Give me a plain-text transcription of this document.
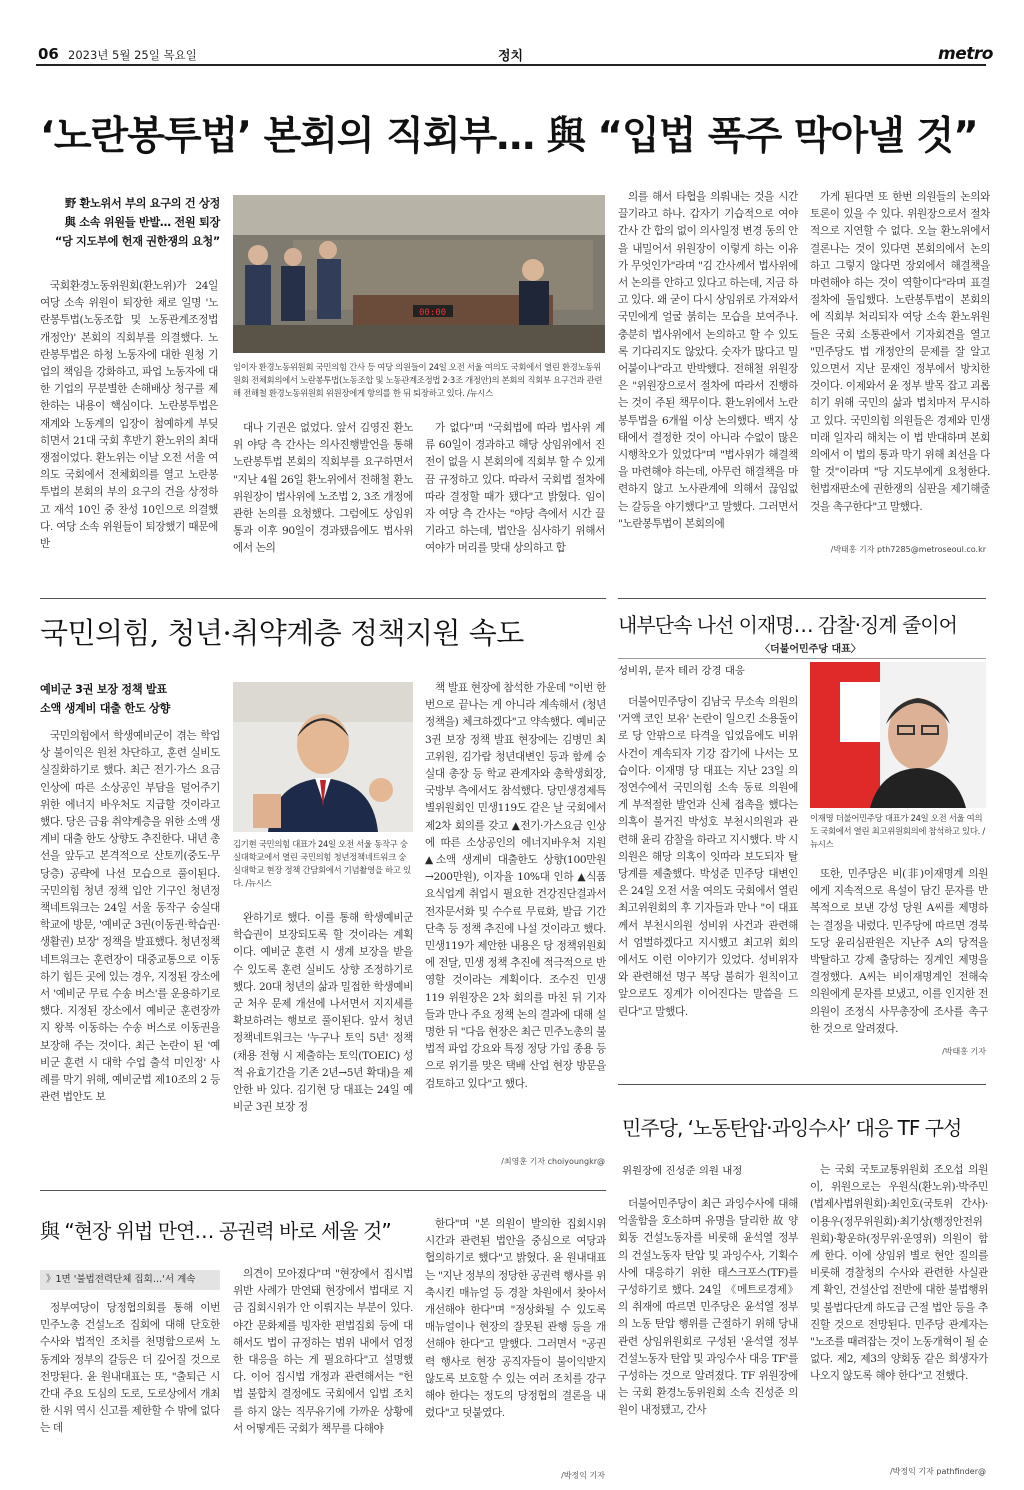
06 2023년 5월 25일 목요일	정치	metro
‘노란봉투법’ 본회의 직회부… 與 “입법 폭주 막아낼 것”
野 환노위서 부의 요구의 건 상정
與 소속 위원들 반발… 전원 퇴장
“당 지도부에 헌재 권한쟁의 요청”

국회환경노동위원회(환노위)가 24일 여당 소속 위원이 퇴장한 채로 일명 '노란봉투법(노동조합 및 노동관계조정법 개정안)' 본회의 직회부를 의결했다. 노란봉투법은 하청 노동자에 대한 원청 기업의 책임을 강화하고, 파업 노동자에 대한 기업의 무분별한 손해배상 청구를 제한하는 내용이 핵심이다. 노란봉투법은 재계와 노동계의 입장이 첨예하게 부딪히면서 21대 국회 후반기 환노위의 최대 쟁점이었다. 환노위는 이날 오전 서울 여의도 국회에서 전체회의를 열고 노란봉투법의 본회의 부의 요구의 건을 상정하고 재석 10인 중 찬성 10인으로 의결했다. 여당 소속 위원들이 퇴장했기 때문에 반

00:00
임이자 환경노동위원회 국민의힘 간사 등 여당 의원들이 24일 오전 서울 여의도 국회에서 열린 환경노동위원회 전체회의에서 노란봉투법(노동조합 및 노동관계조정법 2·3조 개정안)의 본회의 직회부 요구건과 관련해 전해철 환경노동위원회 위원장에게 항의를 한 뒤 퇴장하고 있다. /뉴시스

대나 기권은 없었다. 앞서 김영진 환노위 야당 측 간사는 의사진행발언을 통해 노란봉투법 본회의 직회부를 요구하면서 "지난 4월 26일 환노위에서 전해철 환노위원장이 법사위에 노조법 2, 3조 개정에 관한 논의를 요청했다. 그럼에도 상임위 통과 이후 90일이 경과됐음에도 법사위에서 논의

가 없다"며 "국회법에 따라 법사위 계류 60일이 경과하고 해당 상임위에서 진전이 없을 시 본회의에 직회부 할 수 있게끔 규정하고 있다. 따라서 국회법 절차에 따라 결정할 때가 됐다"고 밝혔다. 임이자 여당 측 간사는 "야당 측에서 시간 끌기라고 하는데, 법안을 심사하기 위해서 여야가 머리를 맞대 상의하고 합

의를 해서 타협을 의뤄내는 것을 시간끌기라고 하나. 갑자기 기습적으로 여야 간사 간 합의 없이 의사일정 변경 동의 안을 내밀어서 위원장이 이렇게 하는 이유가 무엇인가"라며 "김 간사께서 법사위에서 논의를 안하고 있다고 하는데, 지금 하고 있다. 왜 굳이 다시 상임위로 가져와서 국민에게 얼굴 붉히는 모습을 보여주나. 충분히 법사위에서 논의하고 할 수 있도록 기다리지도 않았다. 숫자가 많다고 밀어붙이나"라고 반박했다. 전해철 위원장은 "위원장으로서 절차에 따라서 진행하는 것이 주된 책무이다. 환노위에서 노란봉투법을 6개월 이상 논의했다. 백지 상태에서 결정한 것이 아니라 수없이 많은 시행착오가 있었다"며 "법사위가 해결책을 마련해야 하는데, 아무런 해결책을 마련하지 않고 노사관계에 의해서 끊임없는 갈등을 야기했다"고 말했다. 그러면서 "노란봉투법이 본회의에

가게 된다면 또 한번 의원들의 논의와 토론이 있을 수 있다. 위원장으로서 절차적으로 지연할 수 없다. 오늘 환노위에서 결론나는 것이 있다면 본회의에서 논의하고 그렇지 않다면 장외에서 해결책을 마련해야 하는 것이 역할이다"라며 표결 절차에 돌입했다. 노란봉투법이 본회의에 직회부 처리되자 여당 소속 환노위원들은 국회 소통관에서 기자회견을 열고 "민주당도 법 개정안의 문제를 잘 알고 있으면서 지난 문재인 정부에서 방치한 것이다. 이제와서 윤 정부 발목 잡고 괴롭히기 위해 국민의 삶과 법치마저 무시하고 있다. 국민의힘 의원들은 경제와 민생 미래 일자리 해치는 이 법 반대하며 본회의에서 이 법의 통과 막기 위해 최선을 다할 것"이라며 "당 지도부에게 요청한다. 헌법재판소에 권한쟁의 심판을 제기해줄 것을 촉구한다"고 말했다.

/박태홍 기자 pth7285@metroseoul.co.kr
국민의힘, 청년·취약계층 정책지원 속도
예비군 3권 보장 정책 발표
소액 생계비 대출 한도 상향

국민의힘에서 학생예비군이 겪는 학업상 불이익은 원천 차단하고, 훈련 실비도 실질화하기로 했다. 최근 전기·가스 요금 인상에 따른 소상공인 부담을 덜어주기 위한 에너지 바우처도 지급할 것이라고 했다. 당은 금융 취약계층을 위한 소액 생계비 대출 한도 상향도 추진한다. 내년 총선을 앞두고 본격적으로 산토끼(중도·무당층) 공략에 나선 모습으로 풀이된다. 국민의힘 청년 정책 입안 기구인 청년정책네트워크는 24일 서울 동작구 숭실대학교에 방문, '예비군 3권(이동권·학습권·생활권) 보장' 정책을 발표했다. 청년정책네트워크는 훈련장이 대중교통으로 이동하기 힘든 곳에 있는 경우, 지정된 장소에서 '예비군 무료 수송 버스'를 운용하기로 했다. 지정된 장소에서 예비군 훈련장까지 왕복 이동하는 수송 버스로 이동권을 보장해 주는 것이다. 최근 논란이 된 '예비군 훈련 시 대학 수업 출석 미인정' 사례를 막기 위해, 예비군법 제10조의 2 등 관련 법안도 보

김기현 국민의힘 대표가 24일 오전 서울 동작구 숭실대학교에서 열린 국민의힘 청년정책네트워크 숭실대학교 현장 정책 간담회에서 기념촬영을 하고 있다. /뉴시스

완하기로 했다. 이를 통해 학생예비군 학습권이 보장되도록 할 것이라는 계획이다. 예비군 훈련 시 생계 보장을 받을 수 있도록 훈련 실비도 상향 조정하기로 했다. 20대 청년의 삶과 밀접한 학생예비군 처우 문제 개선에 나서면서 지지세를 확보하려는 행보로 풀이된다. 앞서 청년정책네트워크는 '누구나 토익 5년' 정책(채용 전형 시 제출하는 토익(TOEIC) 성적 유효기간을 기존 2년→5년 확대)을 제안한 바 있다. 김기현 당 대표는 24일 예비군 3권 보장 정

책 발표 현장에 참석한 가운데 "이번 한번으로 끝나는 게 아니라 계속해서 (청년 정책을) 체크하겠다"고 약속했다. 예비군 3권 보장 정책 발표 현장에는 김병민 최고위원, 김가람 청년대변인 등과 함께 숭실대 총장 등 학교 관계자와 총학생회장, 국방부 측에서도 참석했다. 당민생경제특별위원회인 민생119도 같은 날 국회에서 제2차 회의를 갖고 ▲전기·가스요금 인상에 따른 소상공인의 에너지바우처 지원 ▲소액 생계비 대출한도 상향(100만원→200만원), 이자율 10%대 인하 ▲식품요식업계 취업시 필요한 건강진단결과서 전자문서화 및 수수료 무료화, 발급 기간 단축 등 정책 추진에 나설 것이라고 했다. 민생119가 제안한 내용은 당 정책위원회에 전달, 민생 정책 추진에 적극적으로 반영할 것이라는 계획이다. 조수진 민생119 위원장은 2차 회의를 마친 뒤 기자들과 만나 주요 정책 논의 결과에 대해 설명한 뒤 "다음 현장은 최근 민주노총의 불법적 파업 강요와 특정 정당 가입 종용 등으로 위기를 맞은 택배 산업 현장 방문을 검토하고 있다"고 했다.

/최영훈 기자 choiyoungkr@
내부단속 나선 이재명… 감찰·징계 줄이어
〈더불어민주당 대표〉
성비위, 문자 테러 강경 대응

더불어민주당이 김남국 무소속 의원의 '거액 코인 보유' 논란이 일으킨 소용돌이로 당 안팎으로 타격을 입었음에도 비위 사건이 계속되자 기강 잡기에 나서는 모습이다. 이재명 당 대표는 지난 23일 의정연수에서 국민의힘 소속 동료 의원에게 부적절한 발언과 신체 접촉을 했다는 의혹이 불거진 박성호 부천시의원과 관련해 윤리 감찰을 하라고 지시했다. 박 시의원은 해당 의혹이 잇따라 보도되자 탈당계를 제출했다. 박성준 민주당 대변인은 24일 오전 서울 여의도 국회에서 열린 최고위원회의 후 기자들과 만나 "이 대표께서 부천시의원 성비위 사건과 관련해서 엄벌하겠다고 지시했고 최고위 회의에서도 이런 이야기가 있었다. 성비위자와 관련해선 명구 복당 불허가 원칙이고 앞으로도 징계가 이어진다는 말씀을 드린다"고 말했다.

이재명 더불어민주당 대표가 24일 오전 서울 여의도 국회에서 열린 최고위원회의에 참석하고 있다. /뉴시스

또한, 민주당은 비(非)이재명계 의원에게 지속적으로 욕설이 담긴 문자를 반복적으로 보낸 강성 당원 A씨를 제명하는 결정을 내렸다. 민주당에 따르면 경북도당 윤리심판원은 지난주 A의 당적을 박탈하고 강제 출당하는 징계인 제명을 결정했다. A씨는 비이재명계인 전해숙 의원에게 문자를 보냈고, 이를 인지한 전 의원이 조정식 사무총장에 조사를 촉구한 것으로 알려졌다.

/박태홍 기자
민주당, ‘노동탄압·과잉수사’ 대응 TF 구성
위원장에 진성준 의원 내정

더불어민주당이 최근 과잉수사에 대해 억울함을 호소하며 유명을 달리한 故 양회동 건설노동자를 비롯해 윤석열 정부의 건설노동자 탄압 및 과잉수사, 기획수사에 대응하기 위한 태스크포스(TF)를 구성하기로 했다. 24일 《메트로경제》의 취재에 따르면 민주당은 윤석열 정부의 노동 탄압 행위를 근절하기 위해 당내 관련 상임위원회로 구성된 '윤석열 정부 건설노동자 탄압 및 과잉수사 대응 TF'를 구성하는 것으로 알려졌다. TF 위원장에는 국회 환경노동위원회 소속 진성준 의원이 내정됐고, 간사

는 국회 국토교통위원회 조오섭 의원이, 위원으로는 우원식(환노위)·박주민(법제사법위원회)·최인호(국토위 간사)·이용우(정무위원회)·최기상(행정안전위원회)·황운하(정무위·운영위) 의원이 함께 한다. 이에 상임위 별로 현안 질의를 비롯해 경찰청의 수사와 관련한 사실관계 확인, 건설산업 전반에 대한 불법행위 및 불법다단계 하도급 근절 법안 등을 추진할 것으로 전망된다. 민주당 관계자는 "노조를 때려잡는 것이 노동개혁이 될 순 없다. 제2, 제3의 양회동 같은 희생자가 나오지 않도록 해야 한다"고 전했다.

/박정익 기자 pathfinder@
與 “현장 위법 만연… 공권력 바로 세울 것”
》1면 '불법전력단체 집회…'서 계속

정부여당이 당정협의회를 통해 이번 민주노총 건설노조 집회에 대해 단호한 수사와 법적인 조치를 천명함으로써 노동계와 정부의 갈등은 더 깊어질 것으로 전망된다. 윤 원내대표는 또, "출퇴근 시간대 주요 도심의 도로, 도로상에서 개최한 시위 역시 신고를 제한할 수 밖에 없다는 데

의견이 모아졌다"며 "현장에서 집시법 위반 사례가 만연돼 현장에서 법대로 지금 집회시위가 안 이뤄지는 부분이 있다. 야간 문화제를 빙자한 편법집회 등에 대해서도 법이 규정하는 범위 내에서 엄정한 대응을 하는 게 필요하다"고 설명했다. 이어 집시법 개정과 관련해서는 "헌법 불합치 결정에도 국회에서 입법 조치를 하지 않는 직무유기에 가까운 상황에서 어떻게든 국회가 책무를 다해야

한다"며 "본 의원이 발의한 집회시위 시간과 관련된 법안을 중심으로 여당과 협의하기로 했다"고 밝혔다. 윤 원내대표는 "지난 정부의 정당한 공권력 행사를 위축시킨 매뉴얼 등 경찰 차원에서 찾아서 개선해야 한다"며 "정상화될 수 있도록 매뉴얼이나 현장의 잘못된 관행 등을 개선해야 한다"고 말했다. 그러면서 "공권력 행사로 현장 공직자들이 불이익받지 않도록 보호할 수 있는 여러 조치를 강구해야 한다는 정도의 당정협의 결론을 내렸다"고 덧붙였다.

/박정익 기자
